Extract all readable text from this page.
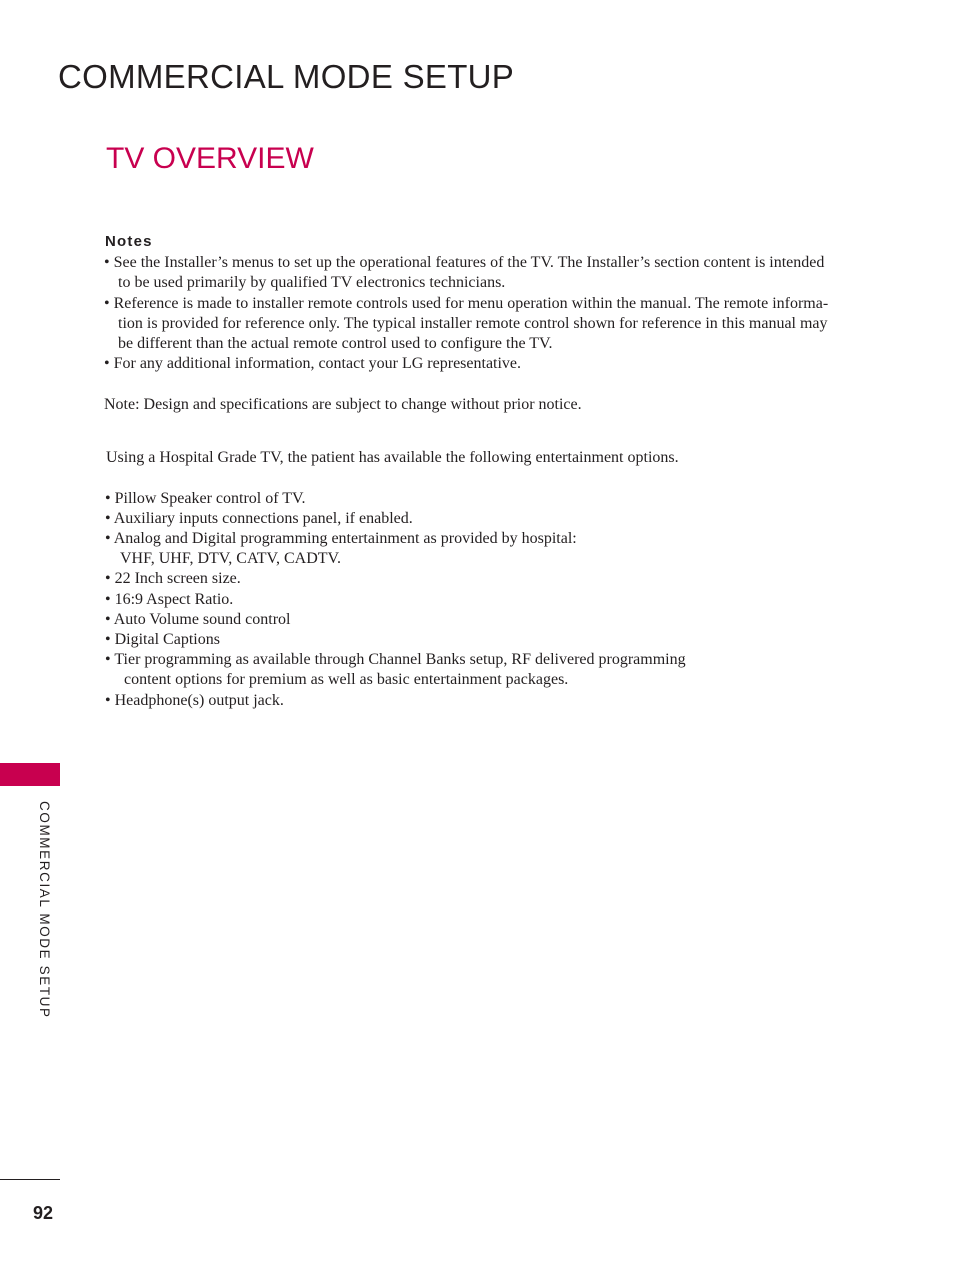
COMMERCIAL MODE SETUP
TV OVERVIEW
Notes

• See the Installer’s menus to set up the operational features of the TV. The Installer’s section content is intended

to be used primarily by qualified TV electronics technicians.

• Reference is made to installer remote controls used for menu operation within the manual. The remote informa-

tion is provided for reference only. The typical installer remote control shown for reference in this manual may

be different than the actual remote control used to configure the TV.

• For any additional information, contact your LG representative.

Note: Design and specifications are subject to change without prior notice.

Using a Hospital Grade TV, the patient has available the following entertainment options.

• Pillow Speaker control of TV.

• Auxiliary inputs connections panel, if enabled.

• Analog and Digital programming entertainment as provided by hospital:

VHF, UHF, DTV, CATV, CADTV.

• 22 Inch screen size.

• 16:9 Aspect Ratio.

• Auto Volume sound control

• Digital Captions

• Tier programming as available through Channel Banks setup, RF delivered programming

content options for premium as well as basic entertainment packages.

• Headphone(s) output jack.

COMMERCIAL MODE SETUP

92
